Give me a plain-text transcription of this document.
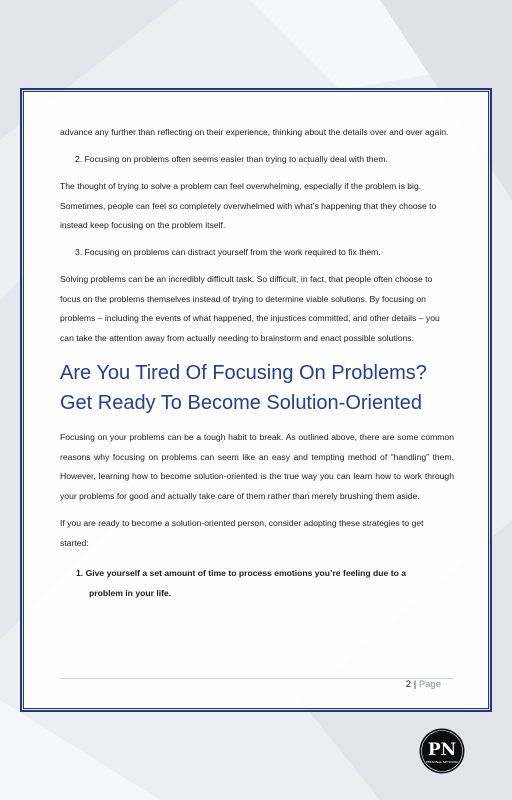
advance any further than reflecting on their experience, thinking about the details over and over again.

2. Focusing on problems often seems easier than trying to actually deal with them.

The thought of trying to solve a problem can feel overwhelming, especially if the problem is big. Sometimes, people can feel so completely overwhelmed with what’s happening that they choose to instead keep focusing on the problem itself.

3. Focusing on problems can distract yourself from the work required to fix them.

Solving problems can be an incredibly difficult task. So difficult, in fact, that people often choose to focus on the problems themselves instead of trying to determine viable solutions. By focusing on problems – including the events of what happened, the injustices committed, and other details – you can take the attention away from actually needing to brainstorm and enact possible solutions.

Are You Tired Of Focusing On Problems? Get Ready To Become Solution-Oriented

Focusing on your problems can be a tough habit to break. As outlined above, there are some common reasons why focusing on problems can seem like an easy and tempting method of “handling” them. However, learning how to become solution-oriented is the true way you can learn how to work through your problems for good and actually take care of them rather than merely brushing them aside.

If you are ready to become a solution-oriented person, consider adopting these strategies to get started:

1. Give yourself a set amount of time to process emotions you’re feeling due to a
problem in your life.
2 | Page
PN
PERSONAL NETWORK
